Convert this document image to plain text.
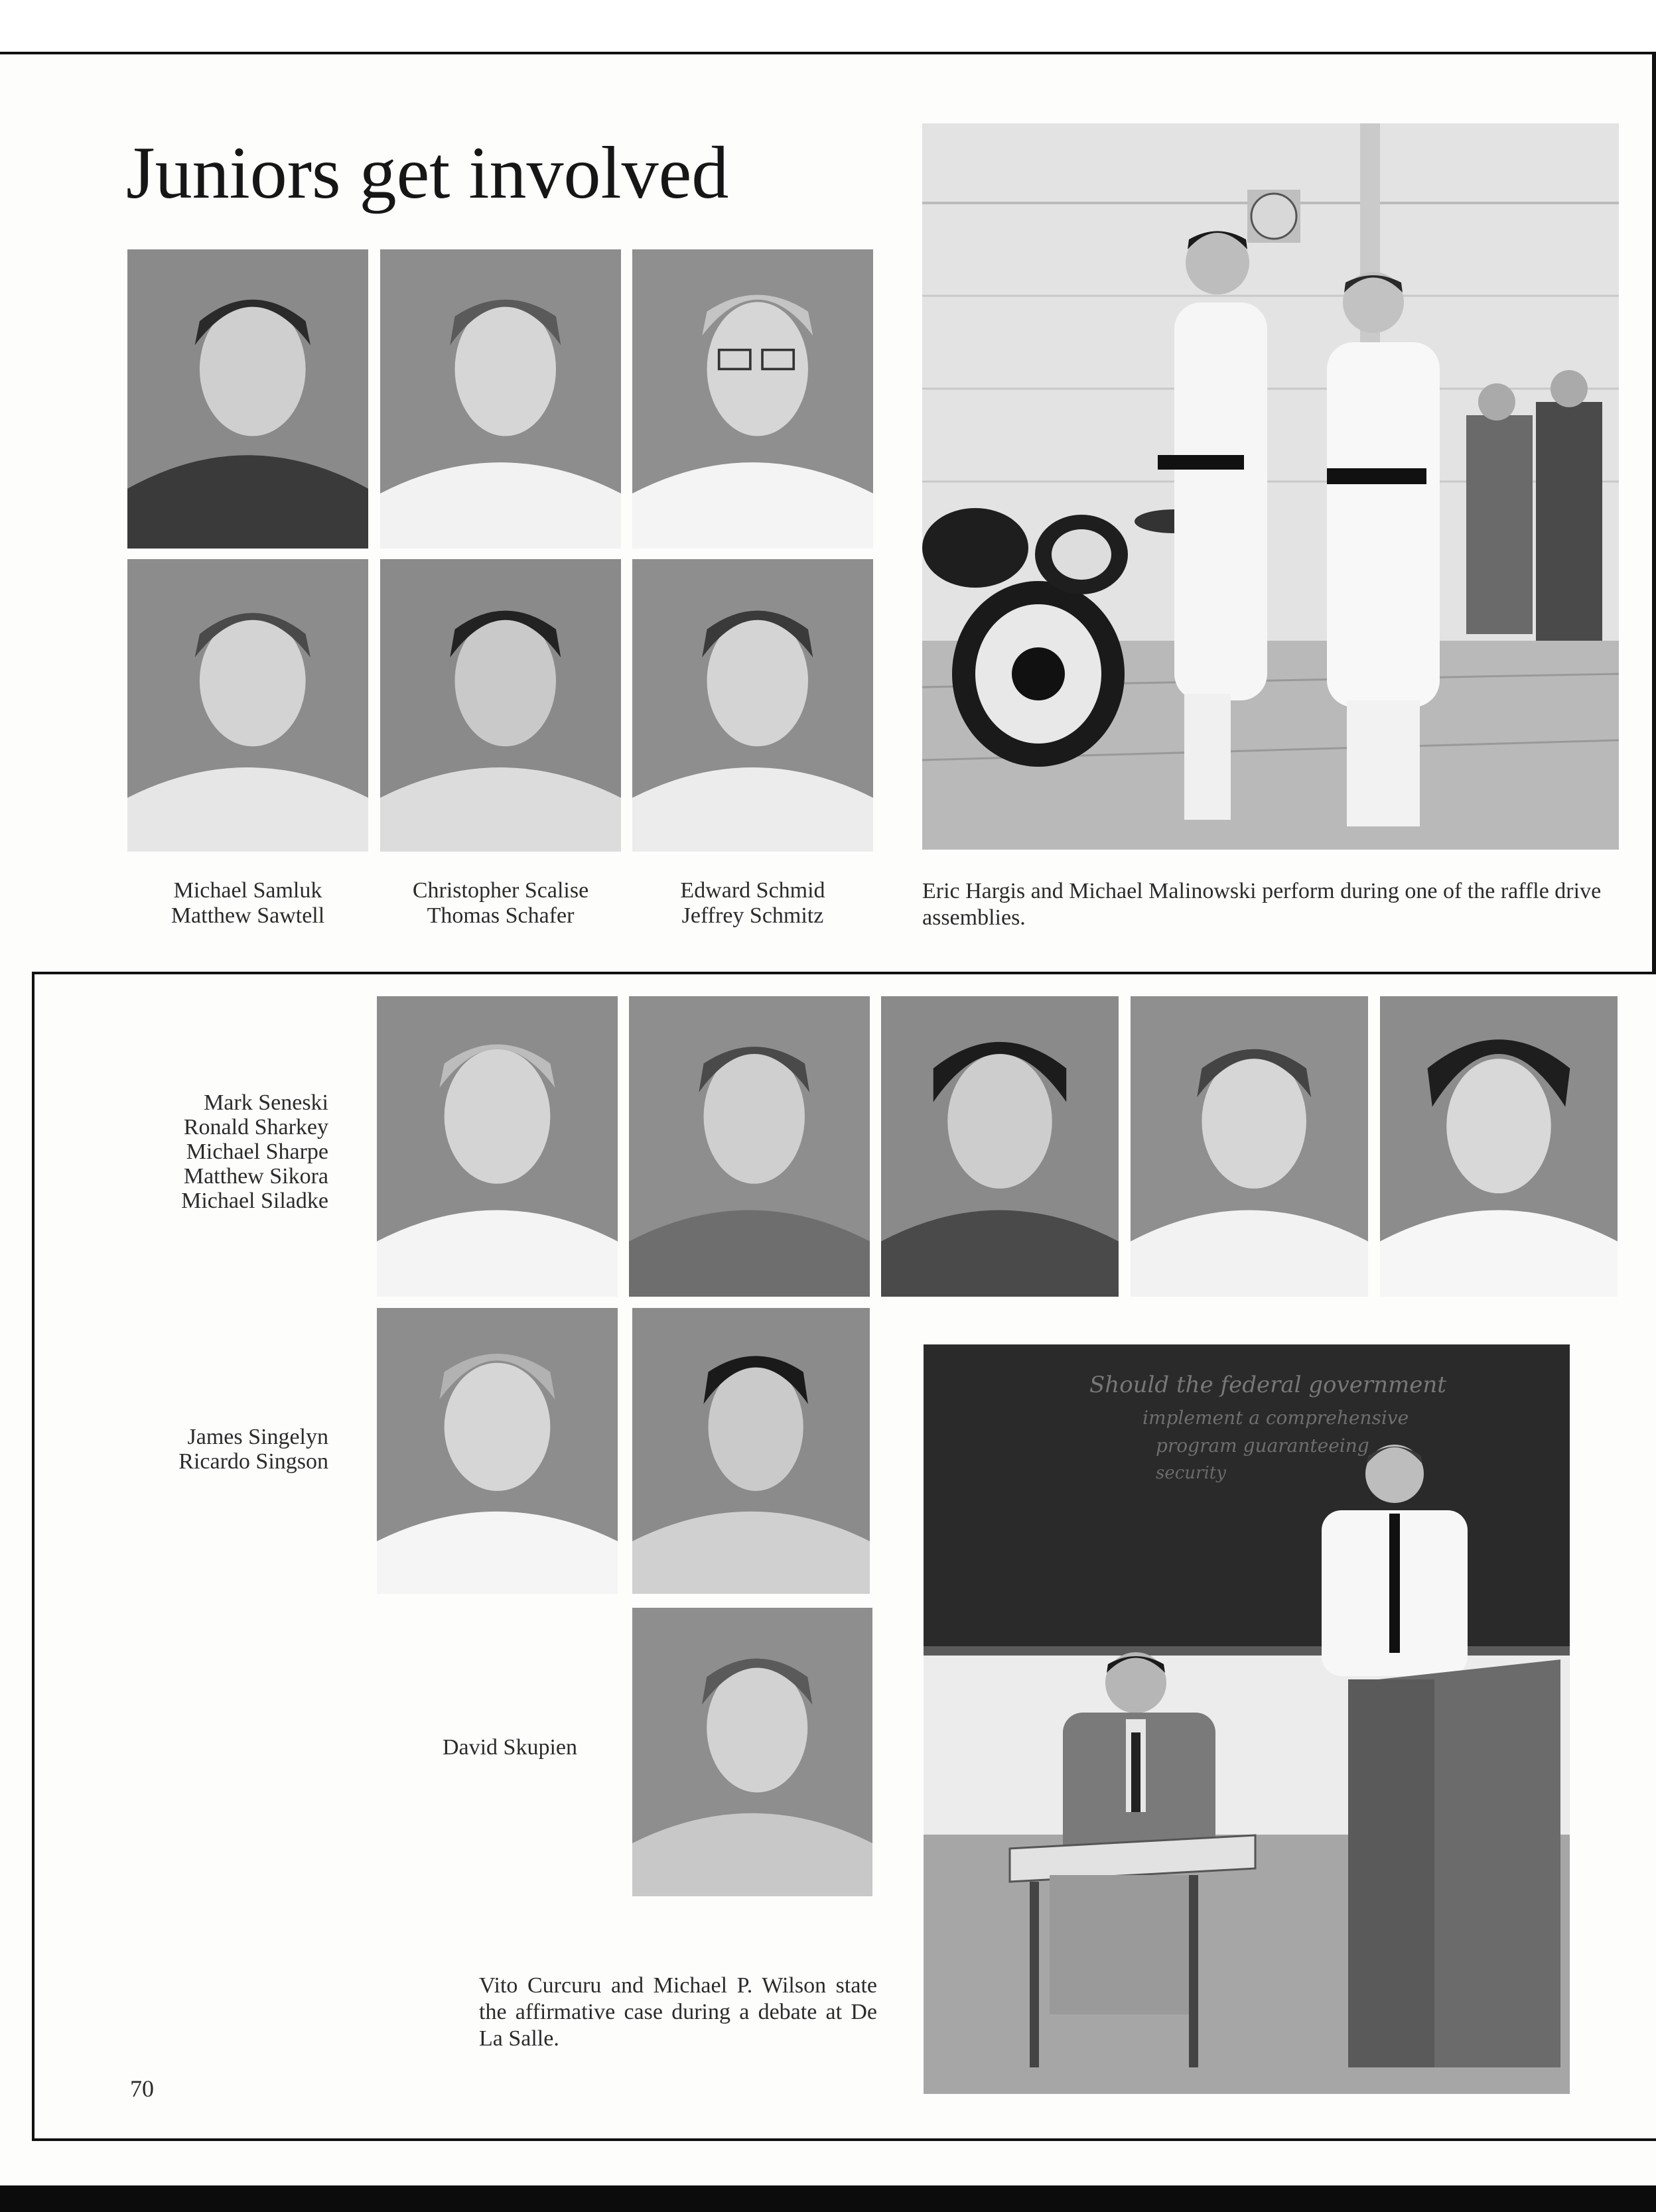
Juniors get involved
Michael Samluk
Matthew Sawtell
Christopher Scalise
Thomas Schafer
Edward Schmid
Jeffrey Schmitz
Eric Hargis and Michael Malinowski perform during one of the raffle drive assemblies.
Mark Seneski
Ronald Sharkey
Michael Sharpe
Matthew Sikora
Michael Siladke
James Singelyn
Ricardo Singson
David Skupien
Should the federal government
implement a comprehensive
program guaranteeing
security
Vito Curcuru and Michael P. Wilson state the affirmative case during a debate at De La Salle.
70
